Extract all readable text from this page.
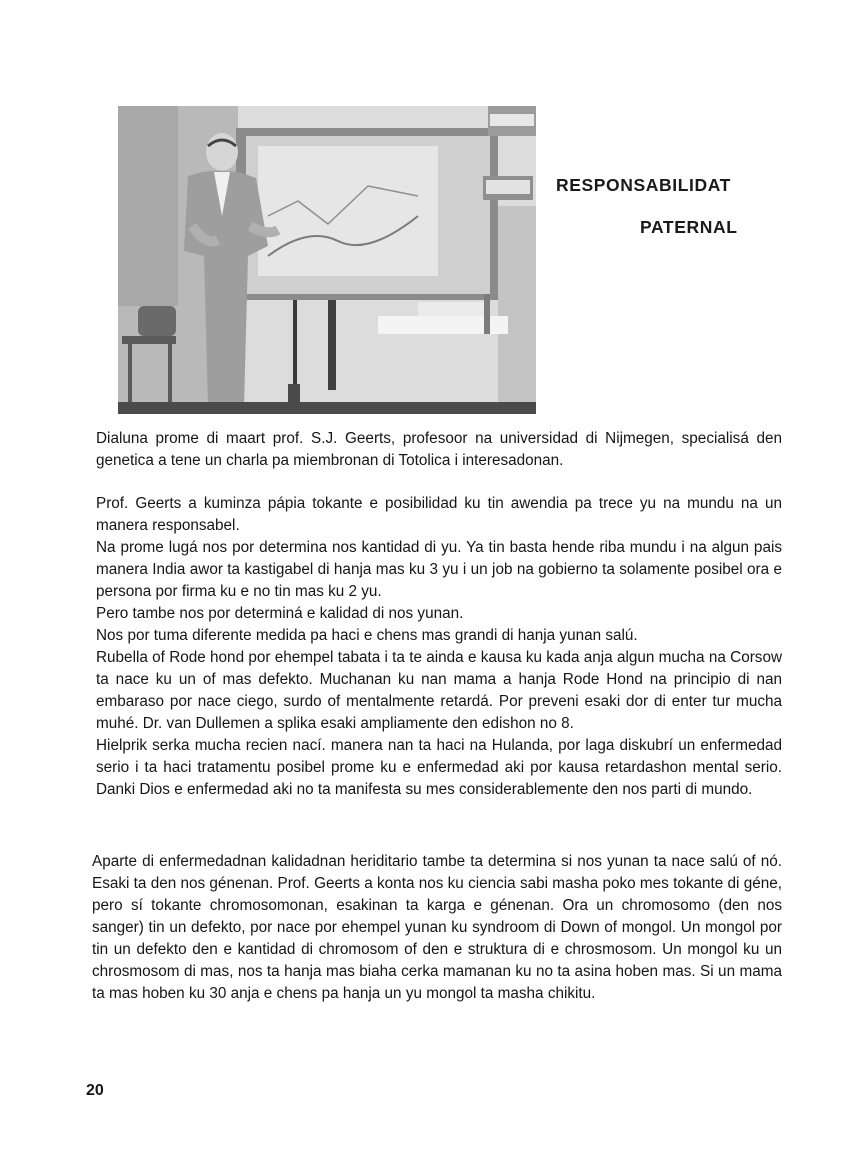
RESPONSABILIDAT
PATERNAL

Dialuna prome di maart prof. S.J. Geerts, profesoor na universidad di Nijmegen, specialisá den genetica a tene un charla pa miembronan di Totolica i interesadonan.

Prof. Geerts a kuminza pápia tokante e posibilidad ku tin awendia pa trece yu na mundu na un manera responsabel.

Na prome lugá nos por determina nos kantidad di yu. Ya tin basta hende riba mundu i na algun pais manera India awor ta kastigabel di hanja mas ku 3 yu i un job na gobierno ta solamente posibel ora e persona por firma ku e no tin mas ku 2 yu.

Pero tambe nos por determiná e kalidad di nos yunan.

Nos por tuma diferente medida pa haci e chens mas grandi di hanja yunan salú.

Rubella of Rode hond por ehempel tabata i ta te ainda e kausa ku kada anja algun mucha na Corsow ta nace ku un of mas defekto. Muchanan ku nan mama a hanja Rode Hond na principio di nan embaraso por nace ciego, surdo of mentalmente retardá. Por preveni esaki dor di enter tur mucha muhé. Dr. van Dullemen a splika esaki ampliamente den edishon no 8.

Hielprik serka mucha recien nací. manera nan ta haci na Hulanda, por laga diskubrí un enfermedad serio i ta haci tratamentu posibel prome ku e enfermedad aki por kausa retardashon mental serio. Danki Dios e enfermedad aki no ta manifesta su mes considerablemente den nos parti di mundo.

Aparte di enfermedadnan kalidadnan heriditario tambe ta determina si nos yunan ta nace salú of nó. Esaki ta den nos génenan. Prof. Geerts a konta nos ku ciencia sabi masha poko mes tokante di géne, pero sí tokante chromosomonan, esakinan ta karga e génenan. Ora un chromosomo (den nos sanger) tin un defekto, por nace por ehempel yunan ku syndroom di Down of mongol. Un mongol por tin un defekto den e kantidad di chromosom of den e struktura di e chrosmosom. Un mongol ku un chrosmosom di mas, nos ta hanja mas biaha cerka mamanan ku no ta asina hoben mas. Si un mama ta mas hoben ku 30 anja e chens pa hanja un yu mongol ta masha chikitu.

20
